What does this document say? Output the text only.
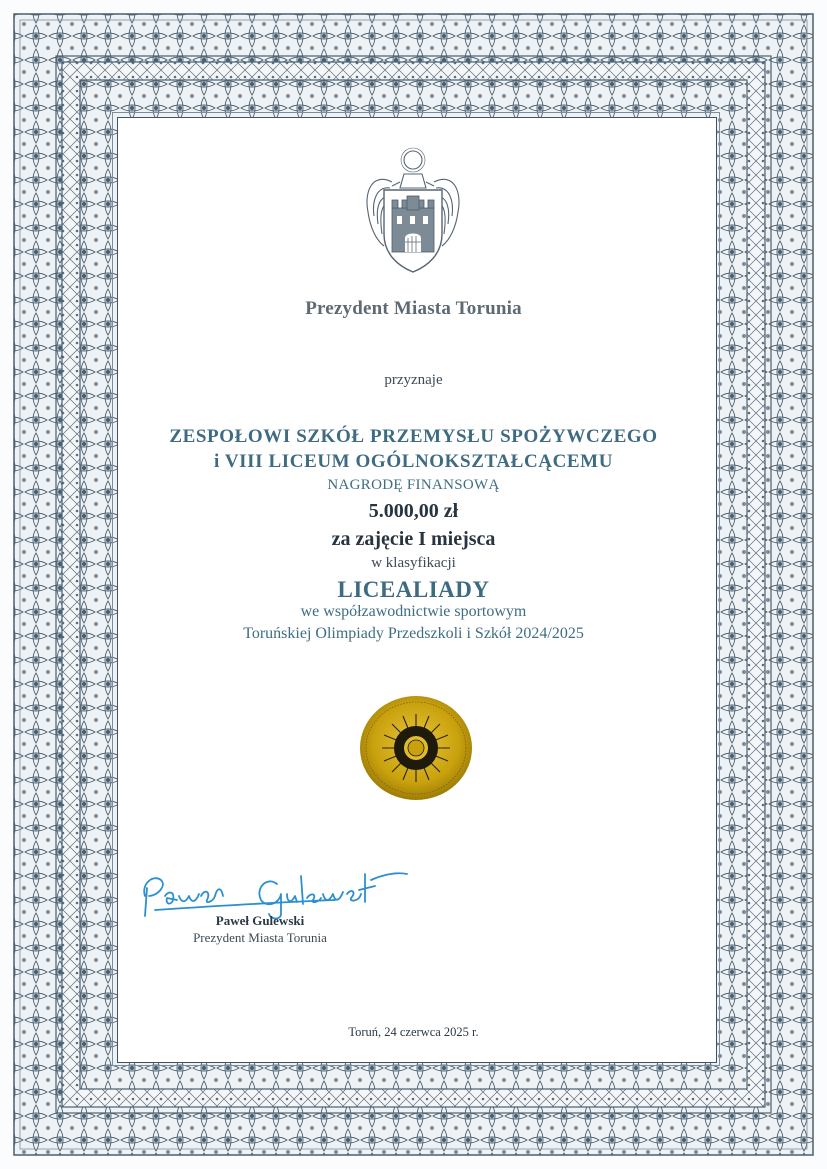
Prezydent Miasta Torunia

przyznaje

ZESPOŁOWI SZKÓŁ PRZEMYSŁU SPOŻYWCZEGO

i VIII LICEUM OGÓLNOKSZTAŁCĄCEMU

NAGRODĘ FINANSOWĄ

5.000,00 zł

za zajęcie I miejsca

w klasyfikacji

LICEALIADY

we współzawodnictwie sportowym

Toruńskiej Olimpiady Przedszkoli i Szkół 2024/2025

Paweł Gulewski

Prezydent Miasta Torunia

Toruń, 24 czerwca 2025 r.
